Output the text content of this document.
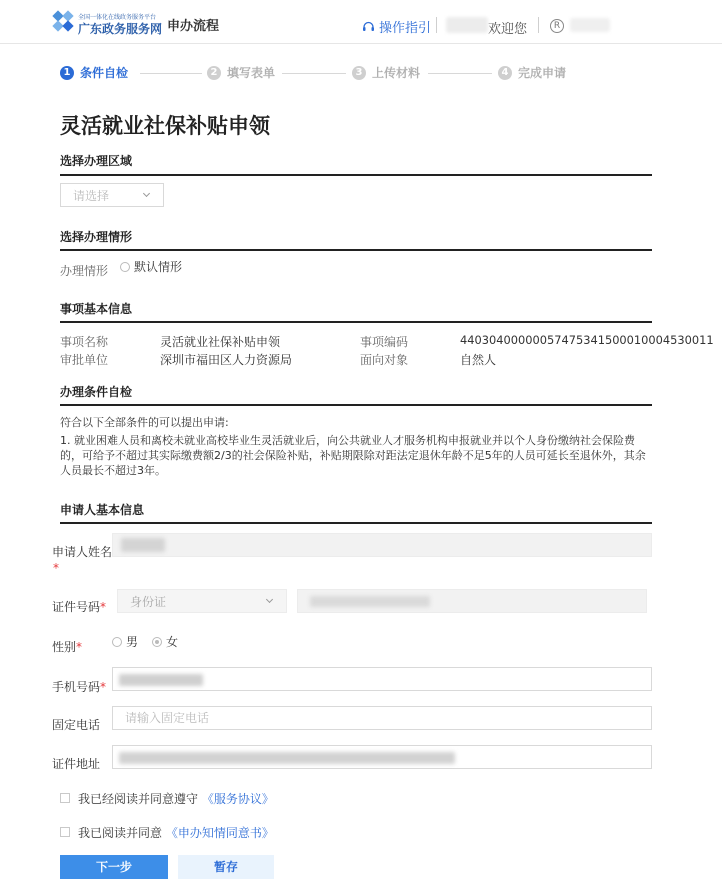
全国一体化在线政务服务平台
广东政务服务网 申办流程	操作指引	欢迎您	R
1 条件自检	2 填写表单	3 上传材料	4 完成申请
灵活就业社保补贴申领
选择办理区域
请选择
选择办理情形
办理情形 默认情形
事项基本信息
事项名称	灵活就业社保补贴申领	事项编码	44030400000057475341500010004530011
审批单位	深圳市福田区人力资源局	面向对象	自然人
办理条件自检
符合以下全部条件的可以提出申请:
1. 就业困难人员和离校未就业高校毕业生灵活就业后，向公共就业人才服务机构申报就业并以个人身份缴纳社会保险费的，可给予不超过其实际缴费额2/3的社会保险补贴，补贴期限除对距法定退休年龄不足5年的人员可延长至退休外，其余人员最长不超过3年。
申请人基本信息
申请人姓名
*
证件号码* 身份证
性别*	男 女
手机号码*
固定电话	请输入固定电话
证件地址
我已经阅读并同意遵守 《服务协议》
我已阅读并同意 《申办知情同意书》
下一步	暂存
